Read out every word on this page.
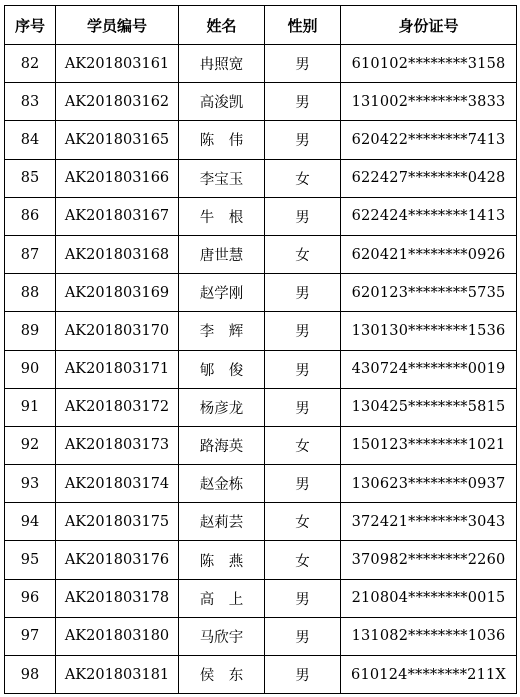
序号	学员编号	姓名	性别	身份证号
82	AK201803161	冉照宽	男	610102********3158
83	AK201803162	高浚凯	男	131002********3833
84	AK201803165	陈　伟	男	620422********7413
85	AK201803166	李宝玉	女	622427********0428
86	AK201803167	牛　根	男	622424********1413
87	AK201803168	唐世慧	女	620421********0926
88	AK201803169	赵学刚	男	620123********5735
89	AK201803170	李　辉	男	130130********1536
90	AK201803171	郇　俊	男	430724********0019
91	AK201803172	杨彦龙	男	130425********5815
92	AK201803173	路海英	女	150123********1021
93	AK201803174	赵金栋	男	130623********0937
94	AK201803175	赵莉芸	女	372421********3043
95	AK201803176	陈　燕	女	370982********2260
96	AK201803178	高　上	男	210804********0015
97	AK201803180	马欣宇	男	131082********1036
98	AK201803181	侯　东	男	610124********211X
